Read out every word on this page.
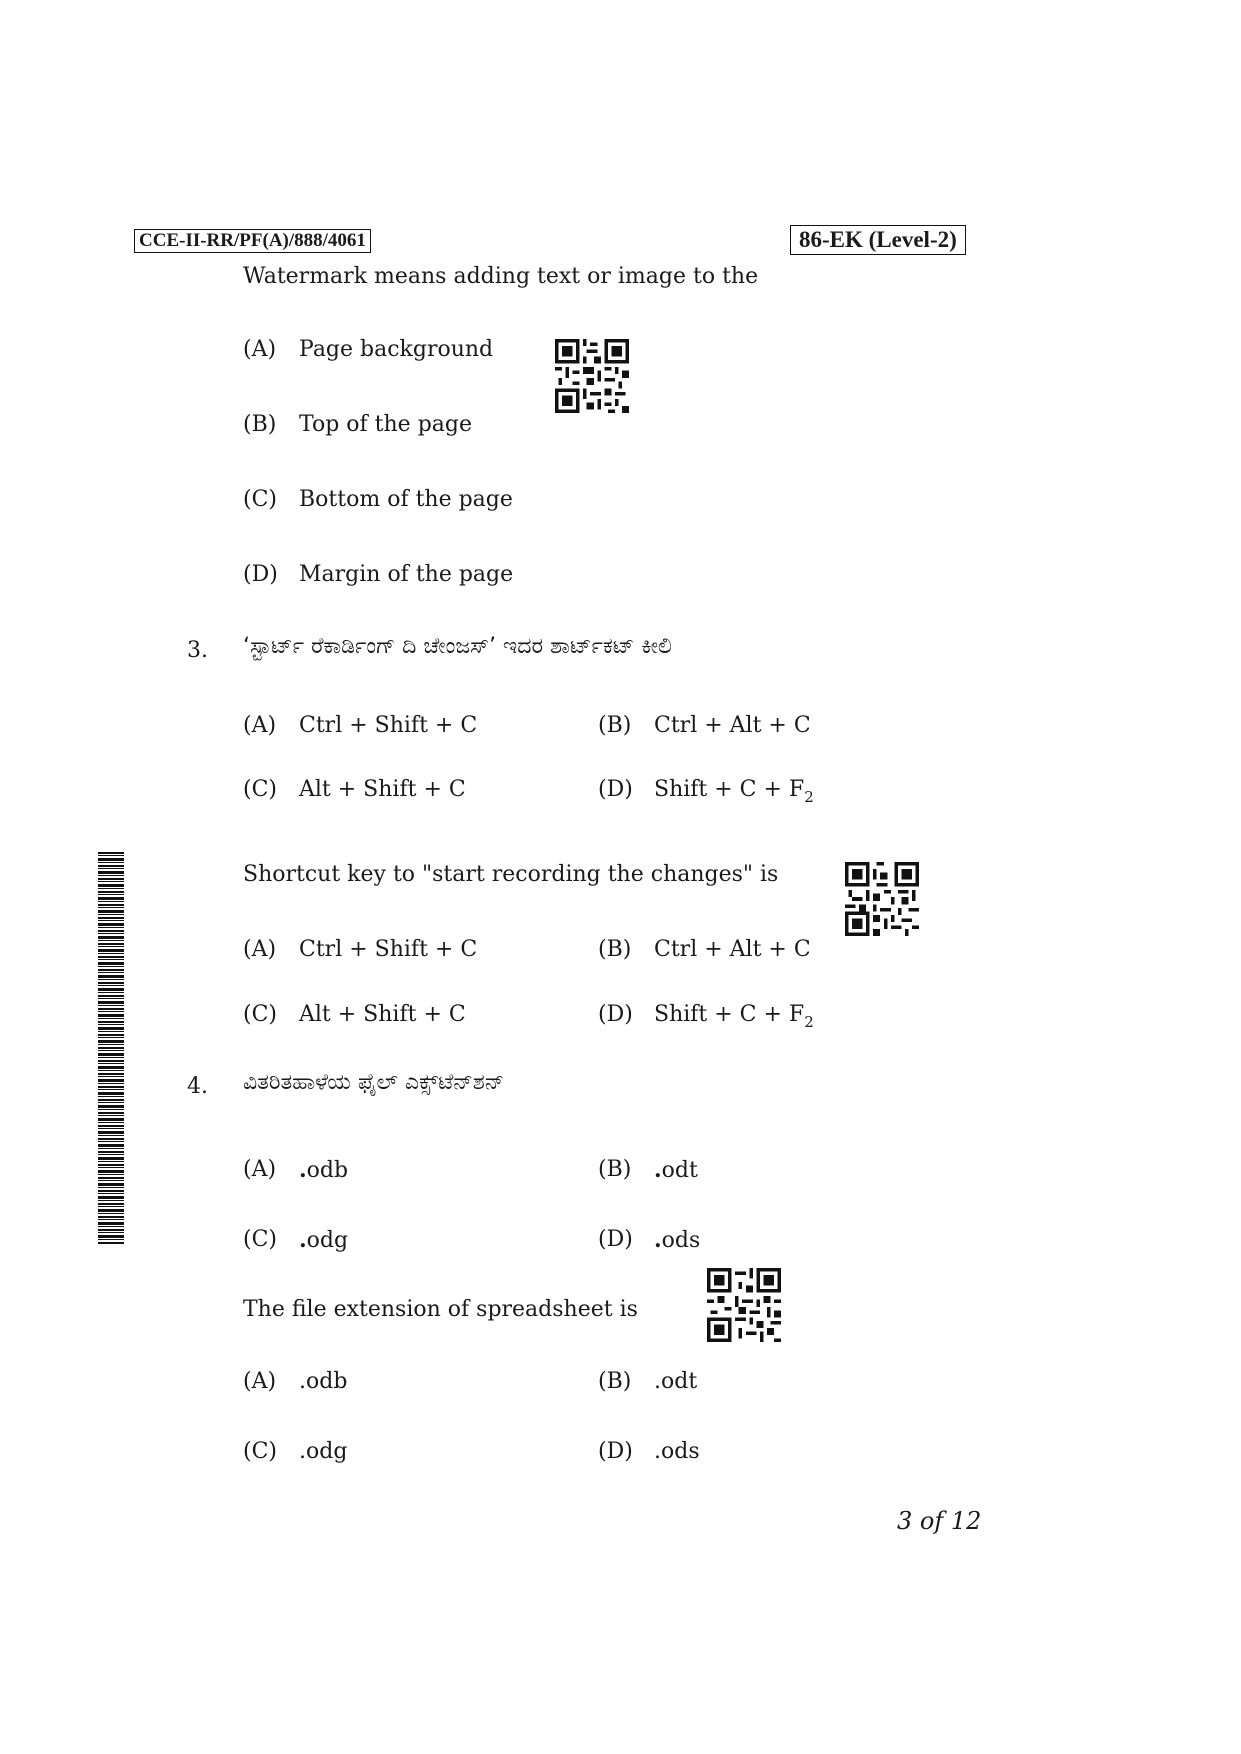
CCE-II-RR/PF(A)/888/4061	86-EK (Level-2)
Watermark means adding text or image to the
(A) Page background
(B) Top of the page
(C) Bottom of the page
(D) Margin of the page
3. ‘ಸ್ಟಾರ್ಟ್ ರೆಕಾರ್ಡಿಂಗ್ ದಿ ಚೇಂಜಸ್’ ಇದರ ಶಾರ್ಟ್‌ಕಟ್ ಕೀಲಿ
(A) Ctrl + Shift + C	(B) Ctrl + Alt + C
(C) Alt + Shift + C	(D) Shift + $C + F_2$
Shortcut key to "start recording the changes" is
(A) Ctrl + Shift + C	(B) Ctrl + Alt + C
(C) Alt + Shift + C	(D) Shift + $C + F_2$
4. ವಿತರಿತಹಾಳೆಯ ಫೈಲ್ ಎಕ್ಸ್‌ಟೆನ್‌ಶನ್
(A) .odb	(B) .odt
(C) .odg	(D) .ods
The file extension of spreadsheet is
(A) .odb	(B) .odt
(C) .odg	(D) .ods
3 of 12
